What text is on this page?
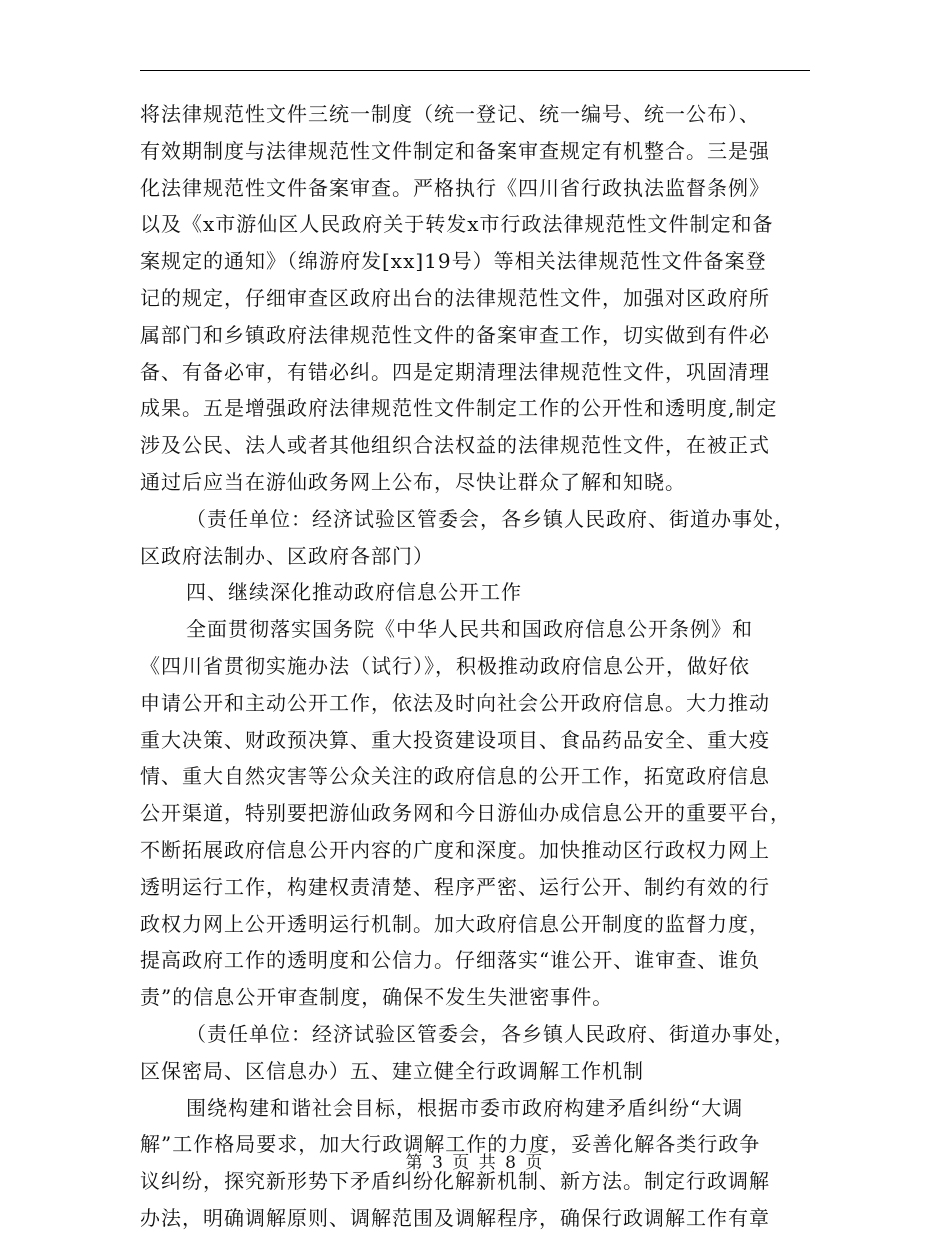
将法律规范性文件三统一制度（统一登记、统一编号、统一公布）、
有效期制度与法律规范性文件制定和备案审查规定有机整合。三是强
化法律规范性文件备案审查。严格执行《四川省行政执法监督条例》
以及《x市游仙区人民政府关于转发x市行政法律规范性文件制定和备
案规定的通知》（绵游府发[xx]19号）等相关法律规范性文件备案登
记的规定，仔细审查区政府出台的法律规范性文件，加强对区政府所
属部门和乡镇政府法律规范性文件的备案审查工作，切实做到有件必
备、有备必审，有错必纠。四是定期清理法律规范性文件，巩固清理
成果。五是增强政府法律规范性文件制定工作的公开性和透明度,制定
涉及公民、法人或者其他组织合法权益的法律规范性文件，在被正式
通过后应当在游仙政务网上公布，尽快让群众了解和知晓。
（责任单位：经济试验区管委会，各乡镇人民政府、街道办事处，
区政府法制办、区政府各部门）
四、继续深化推动政府信息公开工作
全面贯彻落实国务院《中华人民共和国政府信息公开条例》和
《四川省贯彻实施办法（试行）》，积极推动政府信息公开，做好依
申请公开和主动公开工作，依法及时向社会公开政府信息。大力推动
重大决策、财政预决算、重大投资建设项目、食品药品安全、重大疫
情、重大自然灾害等公众关注的政府信息的公开工作，拓宽政府信息
公开渠道，特别要把游仙政务网和今日游仙办成信息公开的重要平台，
不断拓展政府信息公开内容的广度和深度。加快推动区行政权力网上
透明运行工作，构建权责清楚、程序严密、运行公开、制约有效的行
政权力网上公开透明运行机制。加大政府信息公开制度的监督力度，
提高政府工作的透明度和公信力。仔细落实“谁公开、谁审查、谁负
责”的信息公开审查制度，确保不发生失泄密事件。
（责任单位：经济试验区管委会，各乡镇人民政府、街道办事处，
区保密局、区信息办）五、建立健全行政调解工作机制
围绕构建和谐社会目标，根据市委市政府构建矛盾纠纷“大调
解”工作格局要求，加大行政调解工作的力度，妥善化解各类行政争
议纠纷，探究新形势下矛盾纠纷化解新机制、新方法。制定行政调解
办法，明确调解原则、调解范围及调解程序，确保行政调解工作有章
第 3 页 共 8 页
